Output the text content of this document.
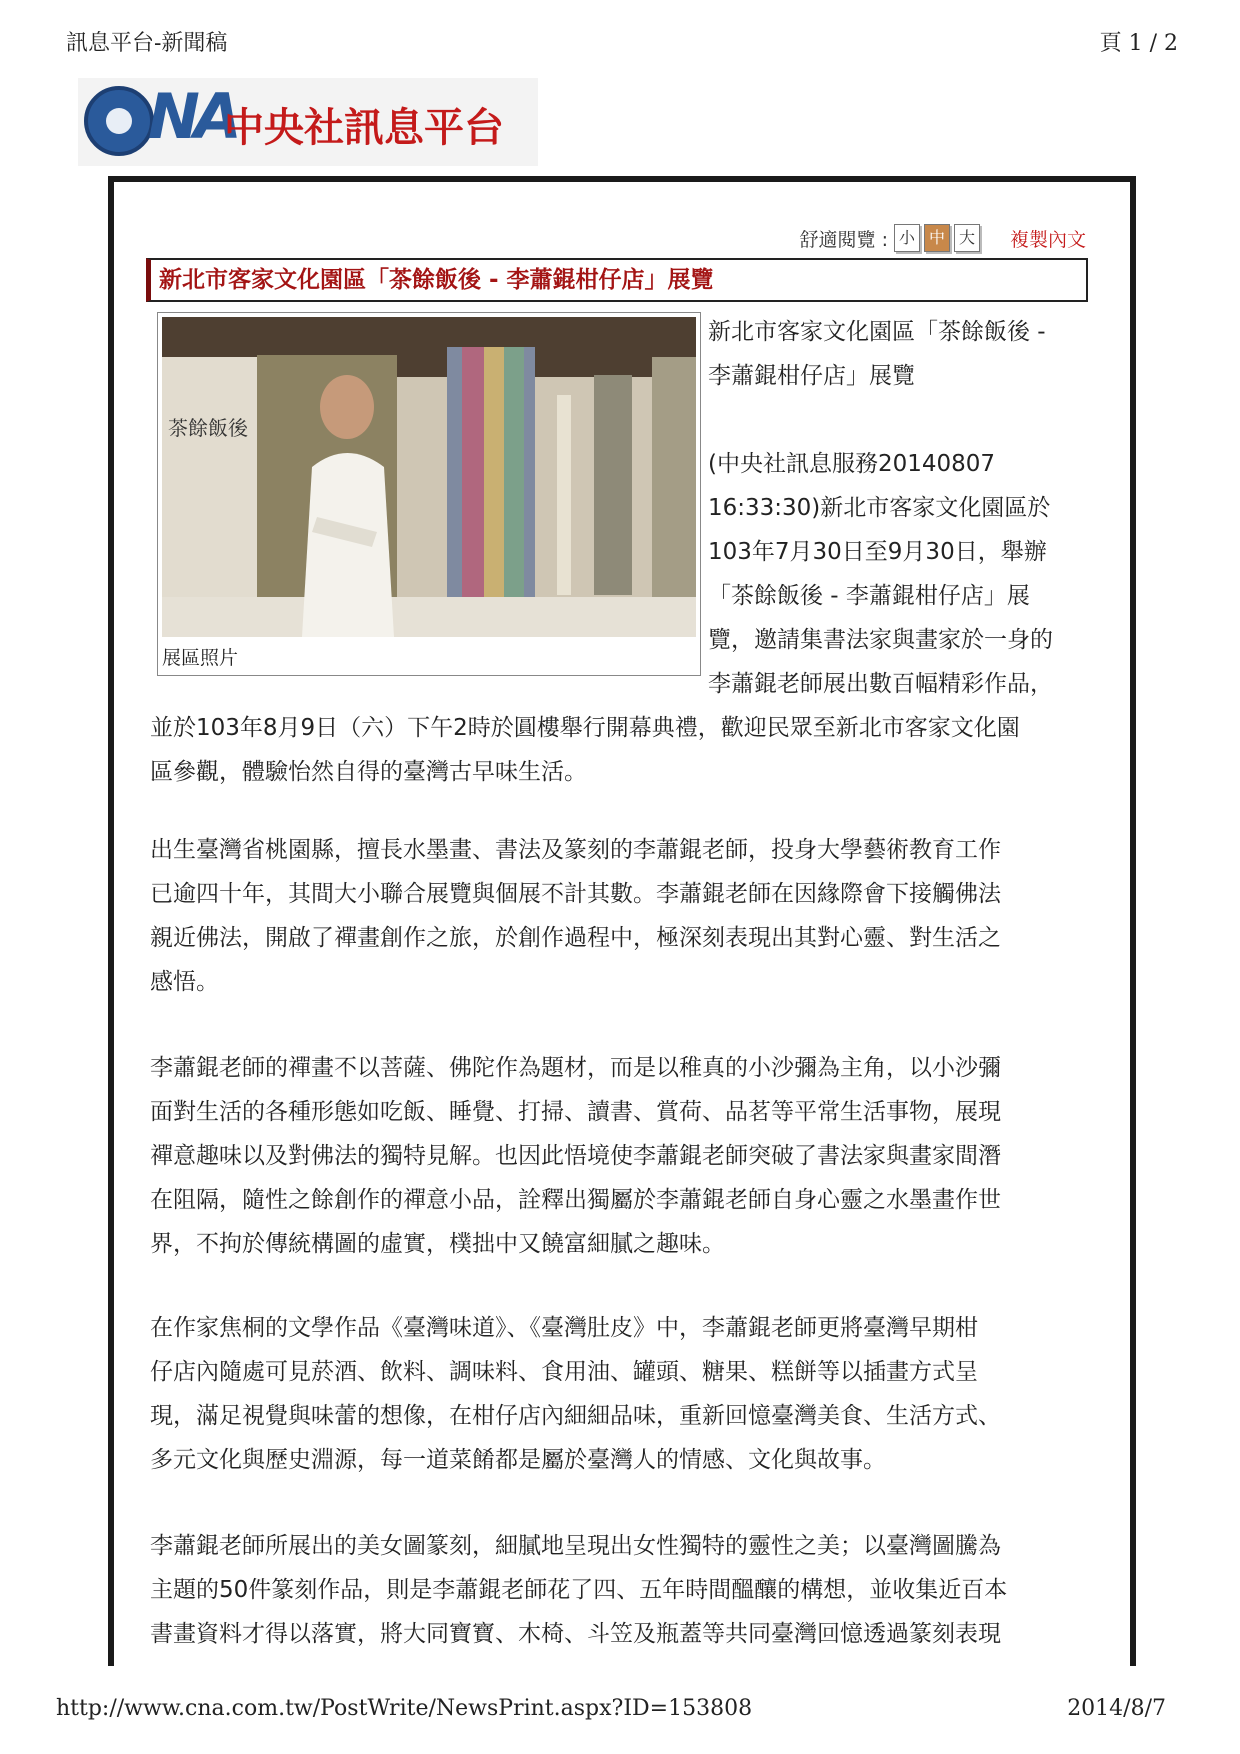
訊息平台-新聞稿	頁 1 / 2
NA
中央社訊息平台
舒適閱覽 : 小 中 大 複製內文
新北市客家文化園區「茶餘飯後 - 李蕭錕柑仔店」展覽
茶餘飯後
展區照片
新北市客家文化園區「茶餘飯後 -
李蕭錕柑仔店」展覽
(中央社訊息服務20140807
16:33:30)新北市客家文化園區於
103年7月30日至9月30日，舉辦
「茶餘飯後 - 李蕭錕柑仔店」展
覽，邀請集書法家與畫家於一身的
李蕭錕老師展出數百幅精彩作品，
並於103年8月9日（六）下午2時於圓樓舉行開幕典禮，歡迎民眾至新北市客家文化園
區參觀，體驗怡然自得的臺灣古早味生活。
出生臺灣省桃園縣，擅長水墨畫、書法及篆刻的李蕭錕老師，投身大學藝術教育工作
已逾四十年，其間大小聯合展覽與個展不計其數。李蕭錕老師在因緣際會下接觸佛法
親近佛法，開啟了禪畫創作之旅，於創作過程中，極深刻表現出其對心靈、對生活之
感悟。
李蕭錕老師的禪畫不以菩薩、佛陀作為題材，而是以稚真的小沙彌為主角，以小沙彌
面對生活的各種形態如吃飯、睡覺、打掃、讀書、賞荷、品茗等平常生活事物，展現
禪意趣味以及對佛法的獨特見解。也因此悟境使李蕭錕老師突破了書法家與畫家間潛
在阻隔，隨性之餘創作的禪意小品，詮釋出獨屬於李蕭錕老師自身心靈之水墨畫作世
界，不拘於傳統構圖的虛實，樸拙中又饒富細膩之趣味。
在作家焦桐的文學作品《臺灣味道》、《臺灣肚皮》中，李蕭錕老師更將臺灣早期柑
仔店內隨處可見菸酒、飲料、調味料、食用油、罐頭、糖果、糕餅等以插畫方式呈
現，滿足視覺與味蕾的想像，在柑仔店內細細品味，重新回憶臺灣美食、生活方式、
多元文化與歷史淵源，每一道菜餚都是屬於臺灣人的情感、文化與故事。
李蕭錕老師所展出的美女圖篆刻，細膩地呈現出女性獨特的靈性之美；以臺灣圖騰為
主題的50件篆刻作品，則是李蕭錕老師花了四、五年時間醞釀的構想，並收集近百本
書畫資料才得以落實，將大同寶寶、木椅、斗笠及瓶蓋等共同臺灣回憶透過篆刻表現
http://www.cna.com.tw/PostWrite/NewsPrint.aspx?ID=153808	2014/8/7
